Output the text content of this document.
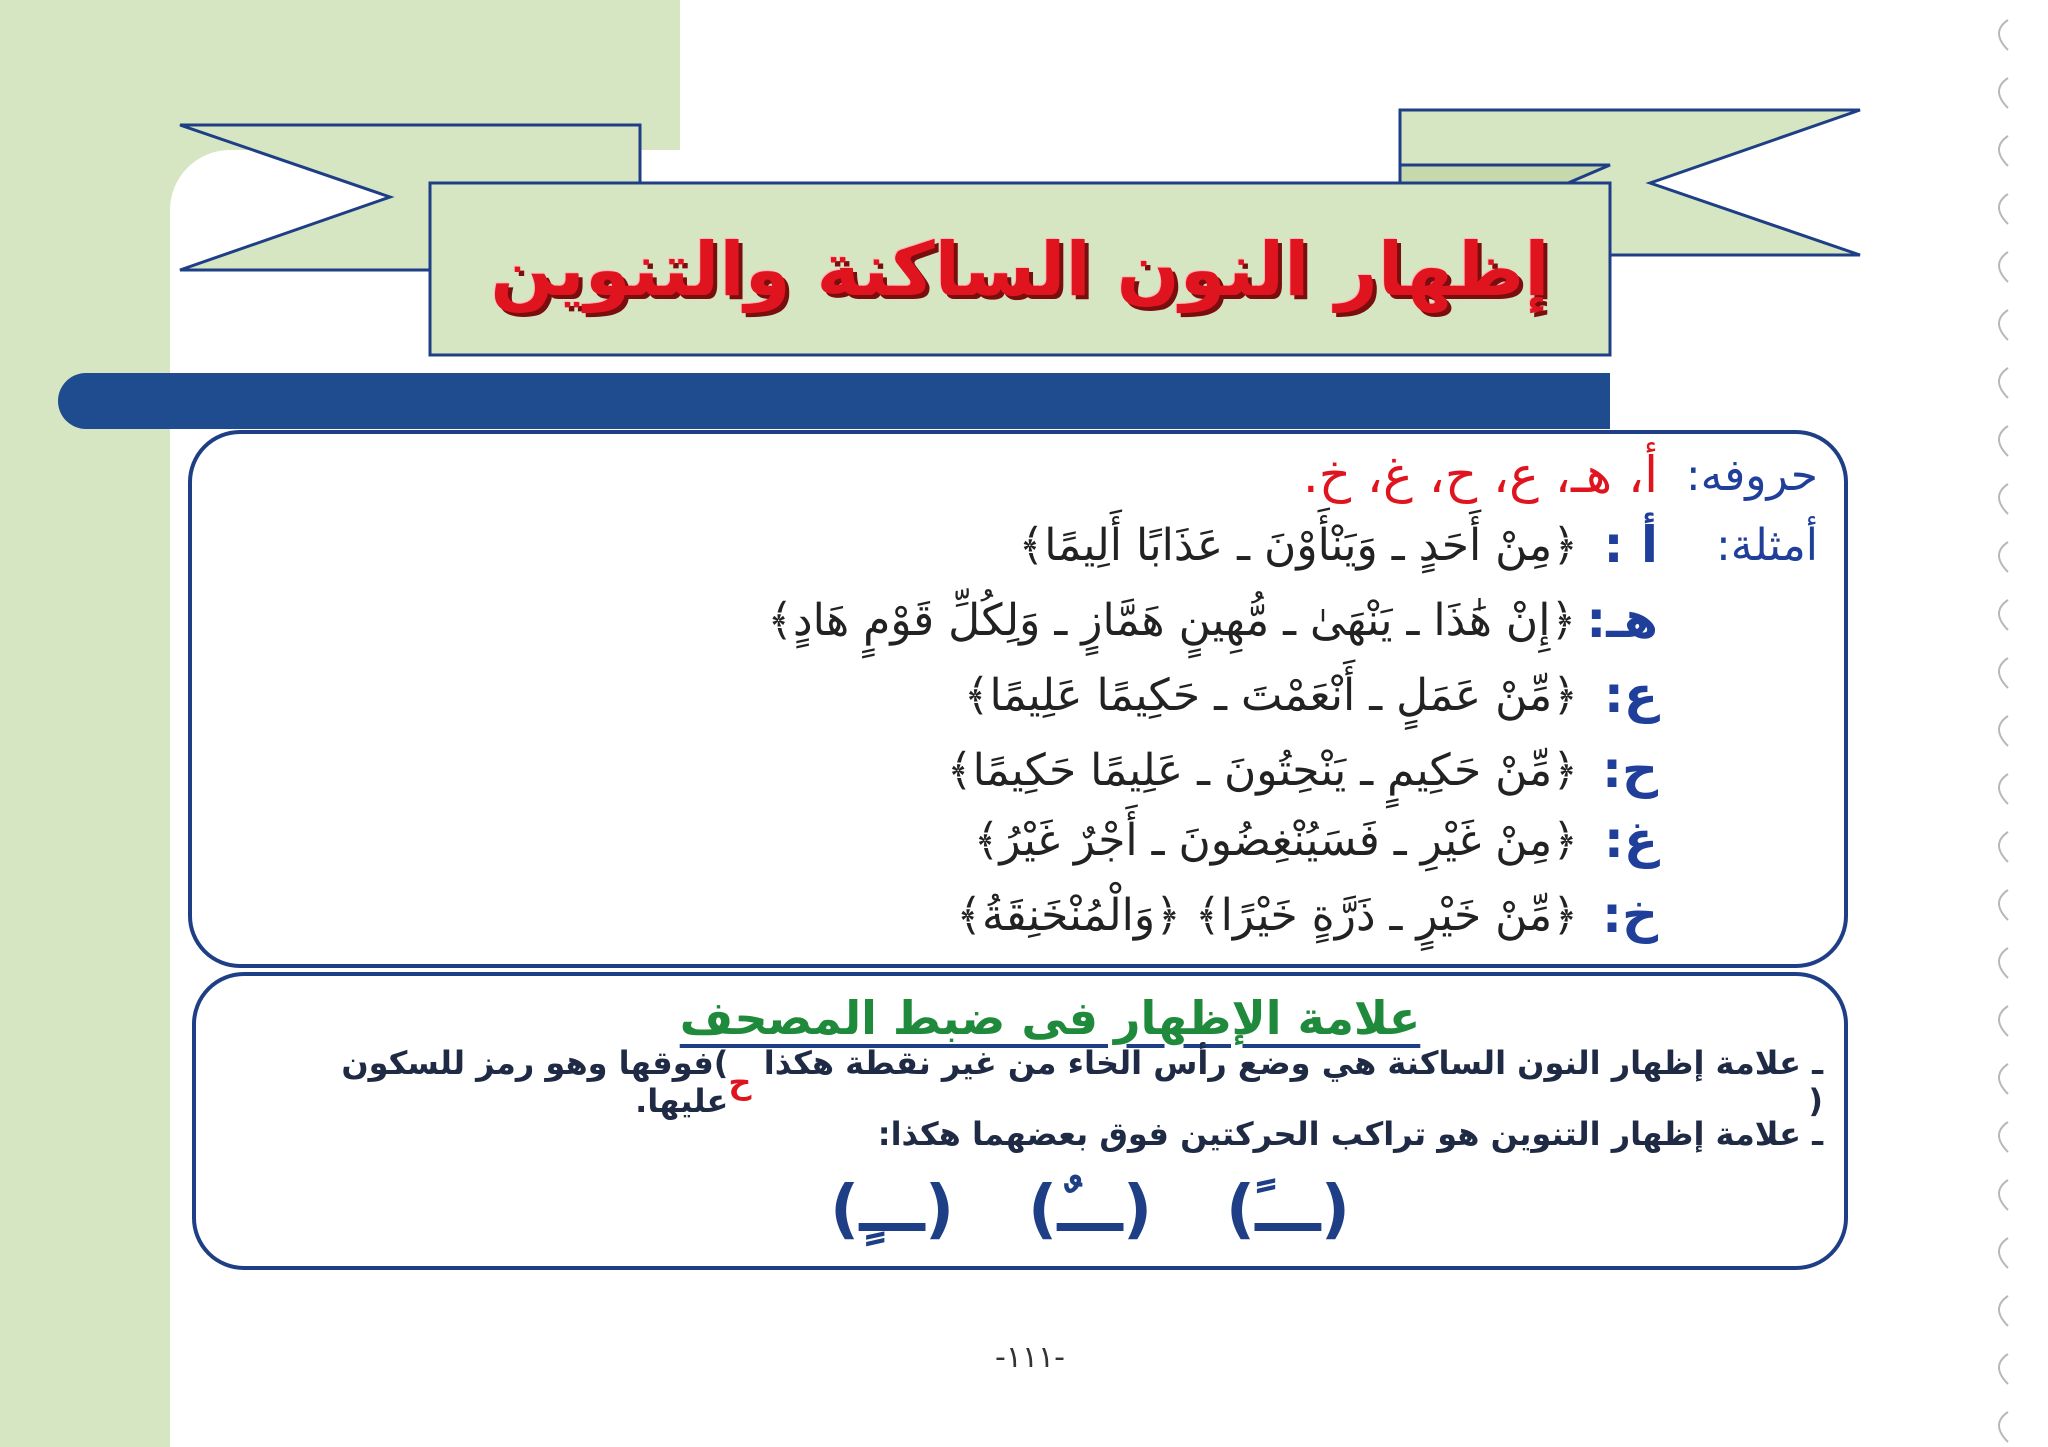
إظهار النون الساكنة والتنوين
حروفه:
أ، هـ، ع، ح، غ، خ.
أمثلة:
أ :
﴿مِنْ أَحَدٍ ـ وَيَنْأَوْنَ ـ عَذَابًا أَلِيمًا﴾
هـ:
﴿إِنْ هَٰذَا ـ يَنْهَىٰ ـ مُّهِينٍ هَمَّازٍ ـ وَلِكُلِّ قَوْمٍ هَادٍ﴾
ع:
﴿مِّنْ عَمَلٍ ـ أَنْعَمْتَ ـ حَكِيمًا عَلِيمًا﴾
ح:
﴿مِّنْ حَكِيمٍ ـ يَنْحِتُونَ ـ عَلِيمًا حَكِيمًا﴾
غ:
﴿مِنْ غَيْرِ ـ فَسَيُنْغِضُونَ ـ أَجْرٌ غَيْرُ﴾
خ:
﴿مِّنْ خَيْرٍ ـ ذَرَّةٍ خَيْرًا﴾ ﴿وَالْمُنْخَنِقَةُ﴾
علامة الإظهار فى ضبط المصحف
ـ علامة إظهار النون الساكنة هي وضع رأس الخاء من غير نقطة هكذا (
ح
)فوقها وهو رمز للسكون عليها.
ـ علامة إظهار التنوين هو تراكب الحركتين فوق بعضهما هكذا:
(ـــً)
(ـــٌ)
(ـــٍ)
-١١١-
